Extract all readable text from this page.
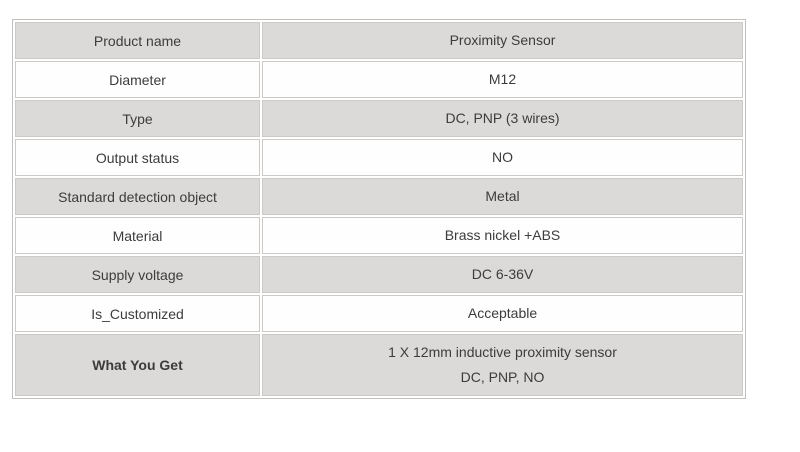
Product name	Proximity Sensor

Diameter	M12

Type	DC, PNP (3 wires)

Output status	NO

Standard detection object	Metal

Material	Brass nickel +ABS

Supply voltage	DC 6-36V

Is_Customized	Acceptable

What You Get	1 X 12mm inductive proximity sensor
DC, PNP, NO
